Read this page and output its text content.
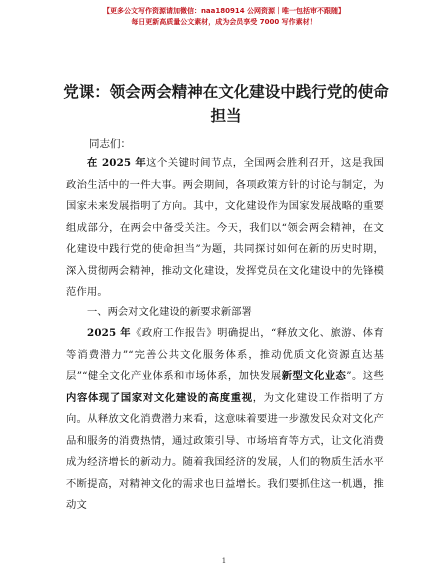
【更多公文写作资源请加微信：naa180914 公网资源｜唯一包括审不跟随】
每日更新高质量公文素材，成为会员享受 7000 写作素材！
党课：领会两会精神在文化建设中践行党的使命担当
同志们：

在 2025 年这个关键时间节点，全国两会胜利召开，这是我国政治生活中的一件大事。两会期间，各项政策方针的讨论与制定，为国家未来发展指明了方向。其中，文化建设作为国家发展战略的重要组成部分，在两会中备受关注。今天，我们以“领会两会精神，在文化建设中践行党的使命担当”为题，共同探讨如何在新的历史时期，深入贯彻两会精神，推动文化建设，发挥党员在文化建设中的先锋模范作用。

一、两会对文化建设的新要求新部署

2025 年《政府工作报告》明确提出，“释放文化、旅游、体育等消费潜力”“完善公共文化服务体系，推动优质文化资源直达基层”“健全文化产业体系和市场体系，加快发展新型文化业态”。这些内容体现了国家对文化建设的高度重视，为文化建设工作指明了方向。从释放文化消费潜力来看，这意味着要进一步激发民众对文化产品和服务的消费热情，通过政策引导、市场培育等方式，让文化消费成为经济增长的新动力。随着我国经济的发展，人们的物质生活水平不断提高，对精神文化的需求也日益增长。我们要抓住这一机遇，推动文

1
